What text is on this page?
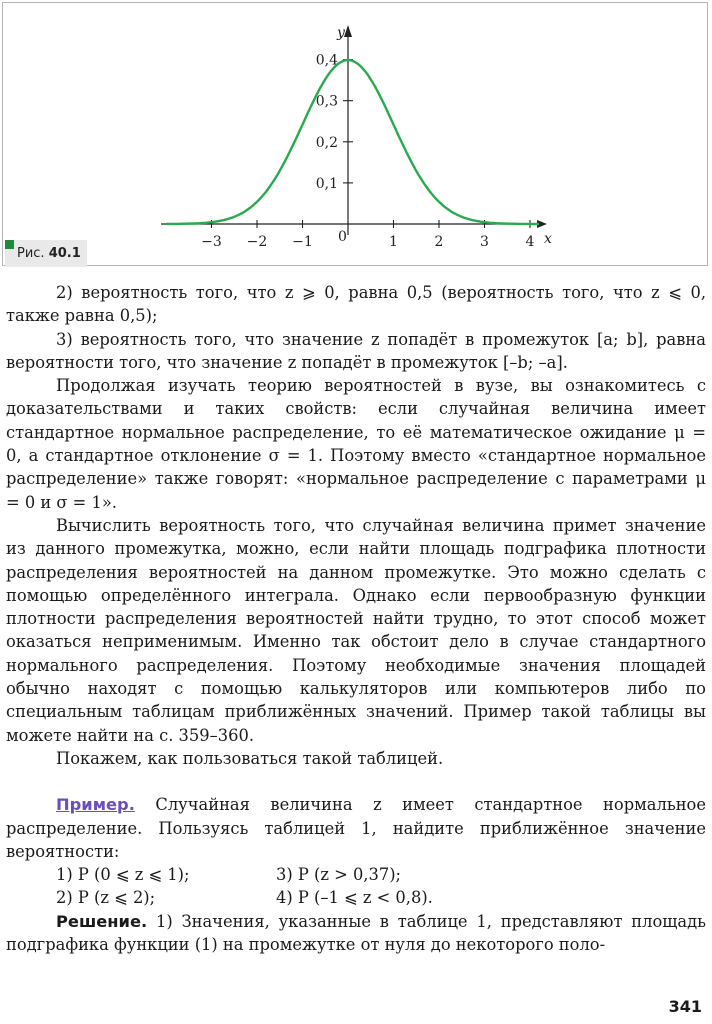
x
y
0
−3 −2 −1	1	2	3	4
0,1
0,2
0,3
0,4
Рис. 40.1

2) вероятность того, что z ⩾ 0, равна 0,5 (вероятность того, что z ⩽ 0, также равна 0,5);

3) вероятность того, что значение z попадёт в промежуток [a; b], равна вероятности того, что значение z попадёт в промежуток [–b; –a].

Продолжая изучать теорию вероятностей в вузе, вы ознакомитесь с доказательствами и таких свойств: если случайная величина имеет стандартное нормальное распределение, то её математическое ожидание μ = 0, а стандартное отклонение σ = 1. Поэтому вместо «стандартное нормальное распределение» также говорят: «нормальное распределение с параметрами μ = 0 и σ = 1».

Вычислить вероятность того, что случайная величина примет значение из данного промежутка, можно, если найти площадь подграфика плотности распределения вероятностей на данном промежутке. Это можно сделать с помощью определённого интеграла. Однако если первообразную функции плотности распределения вероятностей найти трудно, то этот способ может оказаться неприменимым. Именно так обстоит дело в случае стандартного нормального распределения. Поэтому необходимые значения площадей обычно находят с помощью калькуляторов или компьютеров либо по специальным таблицам приближённых значений. Пример такой таблицы вы можете найти на с. 359–360.

Покажем, как пользоваться такой таблицей.

Пример. Случайная величина z имеет стандартное нормальное распределение. Пользуясь таблицей 1, найдите приближённое значение вероятности:

1) P (0 ⩽ z ⩽ 1);	3) P (z > 0,37);
2) P (z ⩽ 2);	4) P (–1 ⩽ z < 0,8).

Решение. 1) Значения, указанные в таблице 1, представляют площадь подграфика функции (1) на промежутке от нуля до некоторого поло-

341
